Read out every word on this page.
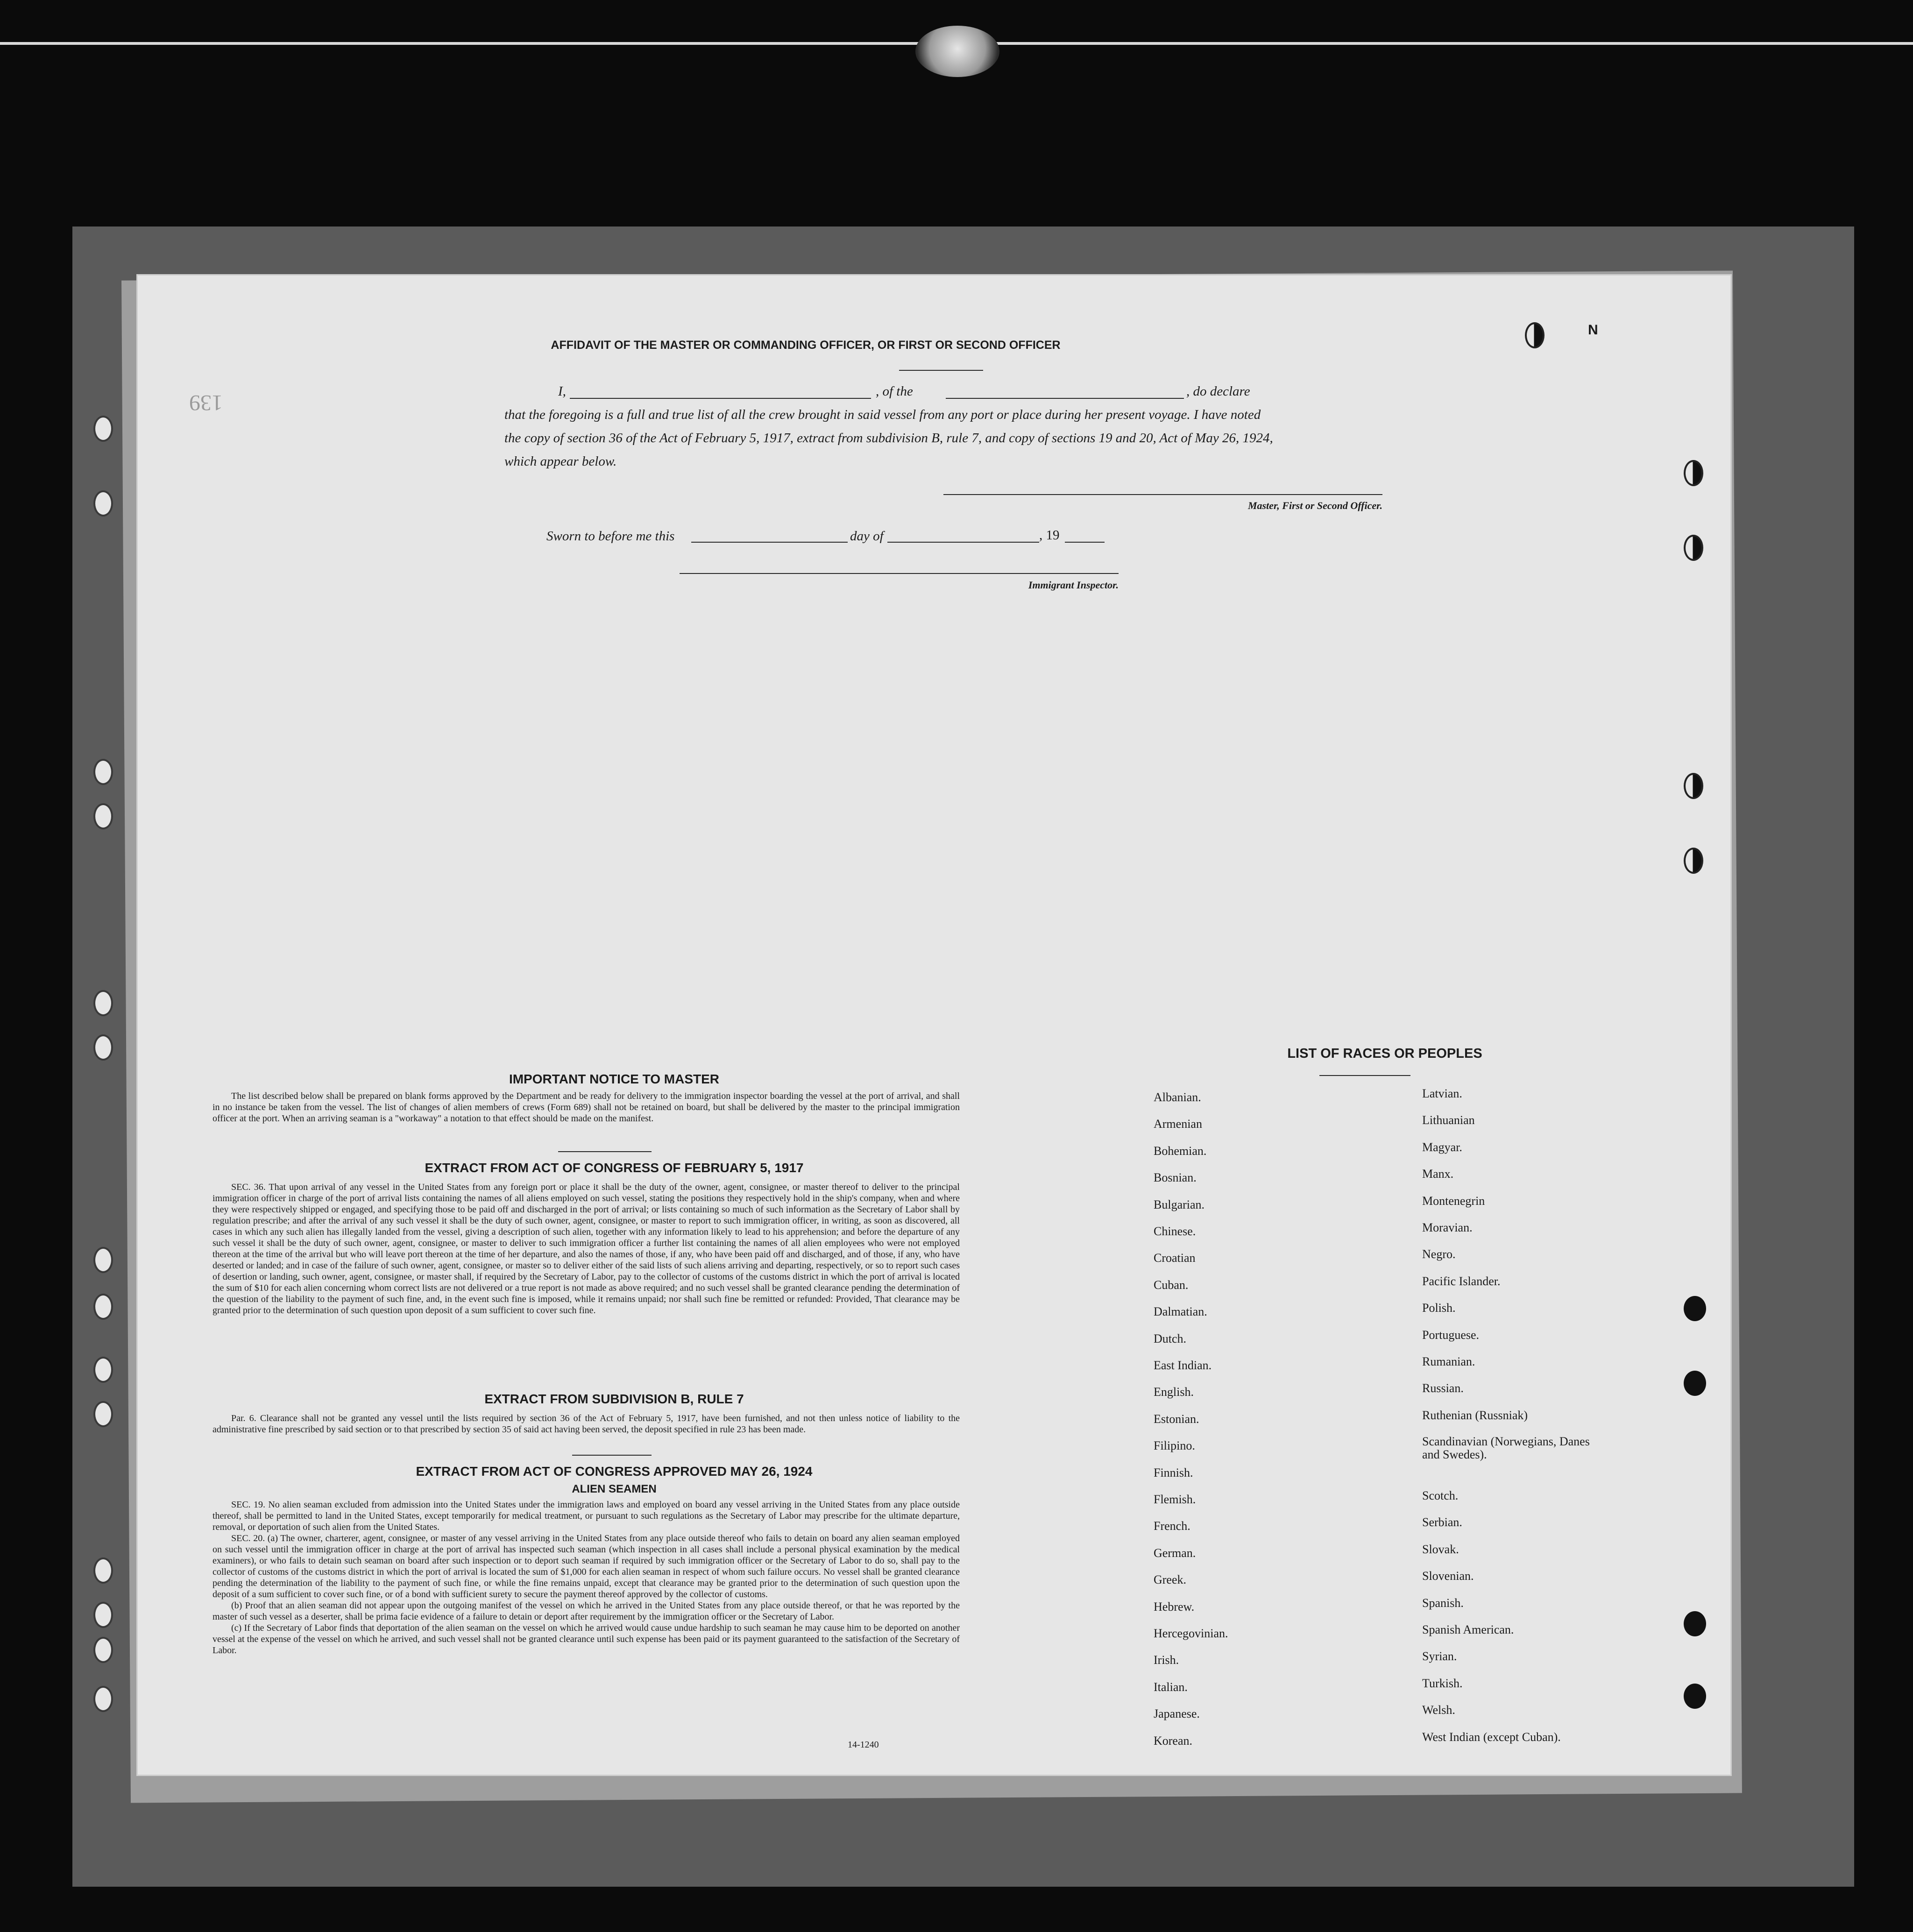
N
139
AFFIDAVIT OF THE MASTER OR COMMANDING OFFICER, OR FIRST OR SECOND OFFICER
I,	, of the	, do declare
that the foregoing is a full and true list of all the crew brought in said vessel from any port or place during her present voyage. I have noted
the copy of section 36 of the Act of February 5, 1917, extract from subdivision B, rule 7, and copy of sections 19 and 20, Act of May 26, 1924,
which appear below.
Master, First or Second Officer.
Sworn to before me this	day of	, 19
Immigrant Inspector.
IMPORTANT NOTICE TO MASTER

The list described below shall be prepared on blank forms approved by the Department and be ready for delivery to the immigration inspector boarding the vessel at the port of arrival, and shall in no instance be taken from the vessel. The list of changes of alien members of crews (Form 689) shall not be retained on board, but shall be delivered by the master to the principal immigration officer at the port. When an arriving seaman is a "workaway" a notation to that effect should be made on the manifest.

EXTRACT FROM ACT OF CONGRESS OF FEBRUARY 5, 1917

SEC. 36. That upon arrival of any vessel in the United States from any foreign port or place it shall be the duty of the owner, agent, consignee, or master thereof to deliver to the principal immigration officer in charge of the port of arrival lists containing the names of all aliens employed on such vessel, stating the positions they respectively hold in the ship's company, when and where they were respectively shipped or engaged, and specifying those to be paid off and discharged in the port of arrival; or lists containing so much of such information as the Secretary of Labor shall by regulation prescribe; and after the arrival of any such vessel it shall be the duty of such owner, agent, consignee, or master to report to such immigration officer, in writing, as soon as discovered, all cases in which any such alien has illegally landed from the vessel, giving a description of such alien, together with any information likely to lead to his apprehension; and before the departure of any such vessel it shall be the duty of such owner, agent, consignee, or master to deliver to such immigration officer a further list containing the names of all alien employees who were not employed thereon at the time of the arrival but who will leave port thereon at the time of her departure, and also the names of those, if any, who have been paid off and discharged, and of those, if any, who have deserted or landed; and in case of the failure of such owner, agent, consignee, or master so to deliver either of the said lists of such aliens arriving and departing, respectively, or so to report such cases of desertion or landing, such owner, agent, consignee, or master shall, if required by the Secretary of Labor, pay to the collector of customs of the customs district in which the port of arrival is located the sum of $10 for each alien concerning whom correct lists are not delivered or a true report is not made as above required; and no such vessel shall be granted clearance pending the determination of the question of the liability to the payment of such fine, and, in the event such fine is imposed, while it remains unpaid; nor shall such fine be remitted or refunded: Provided, That clearance may be granted prior to the determination of such question upon deposit of a sum sufficient to cover such fine.

EXTRACT FROM SUBDIVISION B, RULE 7

Par. 6. Clearance shall not be granted any vessel until the lists required by section 36 of the Act of February 5, 1917, have been furnished, and not then unless notice of liability to the administrative fine prescribed by said section or to that prescribed by section 35 of said act having been served, the deposit specified in rule 23 has been made.

EXTRACT FROM ACT OF CONGRESS APPROVED MAY 26, 1924
ALIEN SEAMEN

SEC. 19. No alien seaman excluded from admission into the United States under the immigration laws and employed on board any vessel arriving in the United States from any place outside thereof, shall be permitted to land in the United States, except temporarily for medical treatment, or pursuant to such regulations as the Secretary of Labor may prescribe for the ultimate departure, removal, or deportation of such alien from the United States.

SEC. 20. (a) The owner, charterer, agent, consignee, or master of any vessel arriving in the United States from any place outside thereof who fails to detain on board any alien seaman employed on such vessel until the immigration officer in charge at the port of arrival has inspected such seaman (which inspection in all cases shall include a personal physical examination by the medical examiners), or who fails to detain such seaman on board after such inspection or to deport such seaman if required by such immigration officer or the Secretary of Labor to do so, shall pay to the collector of customs of the customs district in which the port of arrival is located the sum of $1,000 for each alien seaman in respect of whom such failure occurs. No vessel shall be granted clearance pending the determination of the liability to the payment of such fine, or while the fine remains unpaid, except that clearance may be granted prior to the determination of such question upon the deposit of a sum sufficient to cover such fine, or of a bond with sufficient surety to secure the payment thereof approved by the collector of customs.

(b) Proof that an alien seaman did not appear upon the outgoing manifest of the vessel on which he arrived in the United States from any place outside thereof, or that he was reported by the master of such vessel as a deserter, shall be prima facie evidence of a failure to detain or deport after requirement by the immigration officer or the Secretary of Labor.

(c) If the Secretary of Labor finds that deportation of the alien seaman on the vessel on which he arrived would cause undue hardship to such seaman he may cause him to be deported on another vessel at the expense of the vessel on which he arrived, and such vessel shall not be granted clearance until such expense has been paid or its payment guaranteed to the satisfaction of the Secretary of Labor.

14-1240
LIST OF RACES OR PEOPLES
Albanian.
Armenian
Bohemian.
Bosnian.
Bulgarian.
Chinese.
Croatian
Cuban.
Dalmatian.
Dutch.
East Indian.
English.
Estonian.
Filipino.
Finnish.
Flemish.
French.
German.
Greek.
Hebrew.
Hercegovinian.
Irish.
Italian.
Japanese.
Korean.
Latvian.
Lithuanian
Magyar.
Manx.
Montenegrin
Moravian.
Negro.
Pacific Islander.
Polish.
Portuguese.
Rumanian.
Russian.
Ruthenian (Russniak)
Scandinavian (Norwegians, Danes and Swedes).
Scotch.
Serbian.
Slovak.
Slovenian.
Spanish.
Spanish American.
Syrian.
Turkish.
Welsh.
West Indian (except Cuban).
